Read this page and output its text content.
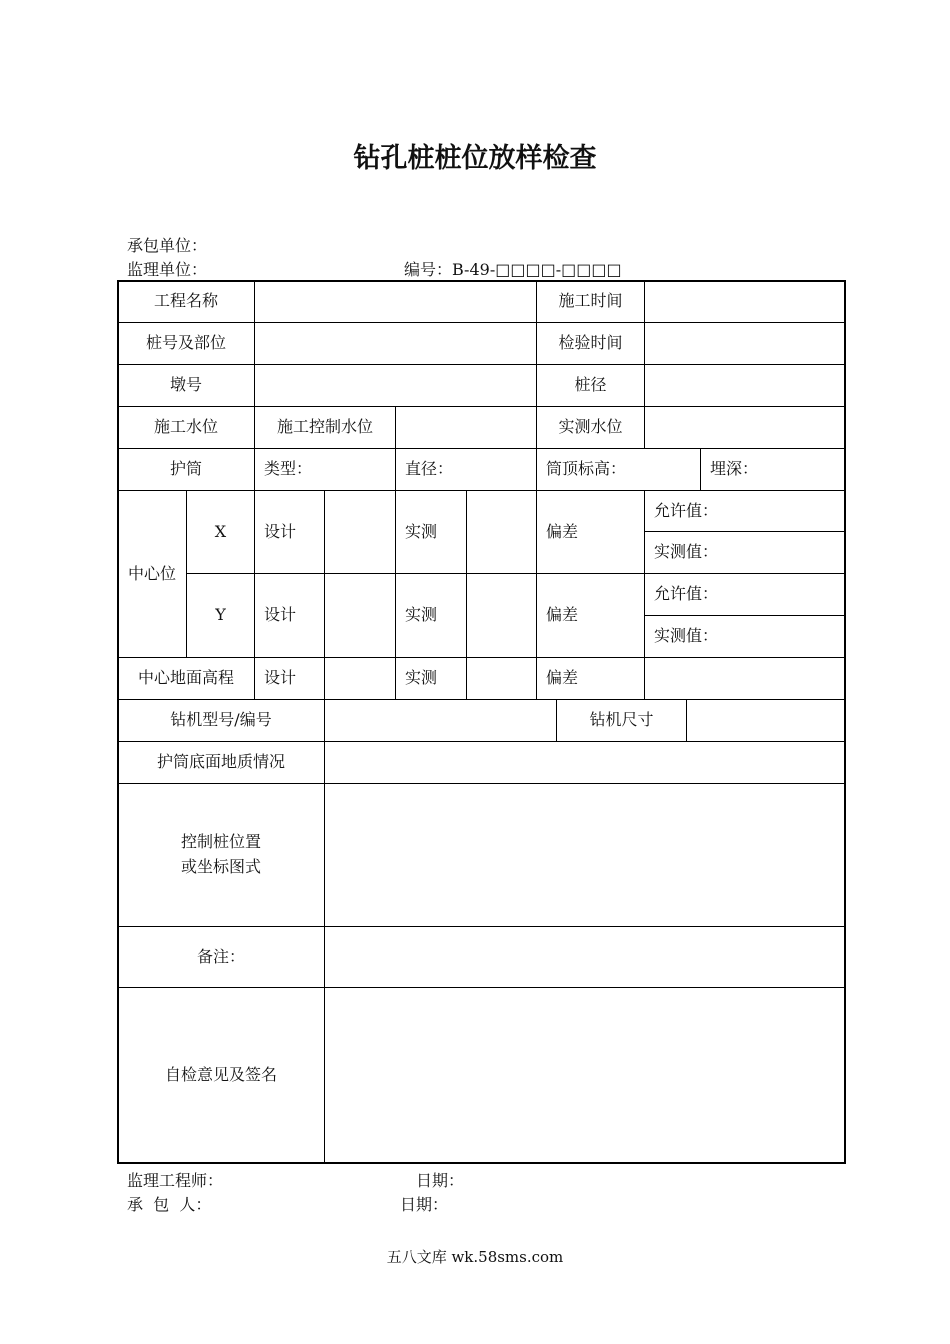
钻孔桩桩位放样检查
承包单位：
监理单位：	编号：B-49-□□□□-□□□□
工程名称	施工时间
桩号及部位	检验时间
墩号	桩径
施工水位	施工控制水位	实测水位
护筒	类型：	直径：	筒顶标高：	埋深：
中心位
X	设计	实测	偏差
允许值：
实测值：
Y	设计	实测	偏差
允许值：
实测值：
中心地面高程	设计	实测	偏差
钻机型号/编号	钻机尺寸
护筒底面地质情况
控制桩位置
或坐标图式
备注：
自检意见及签名
监理工程师：	日期：
承  包  人：	日期：
五八文库 wk.58sms.com
